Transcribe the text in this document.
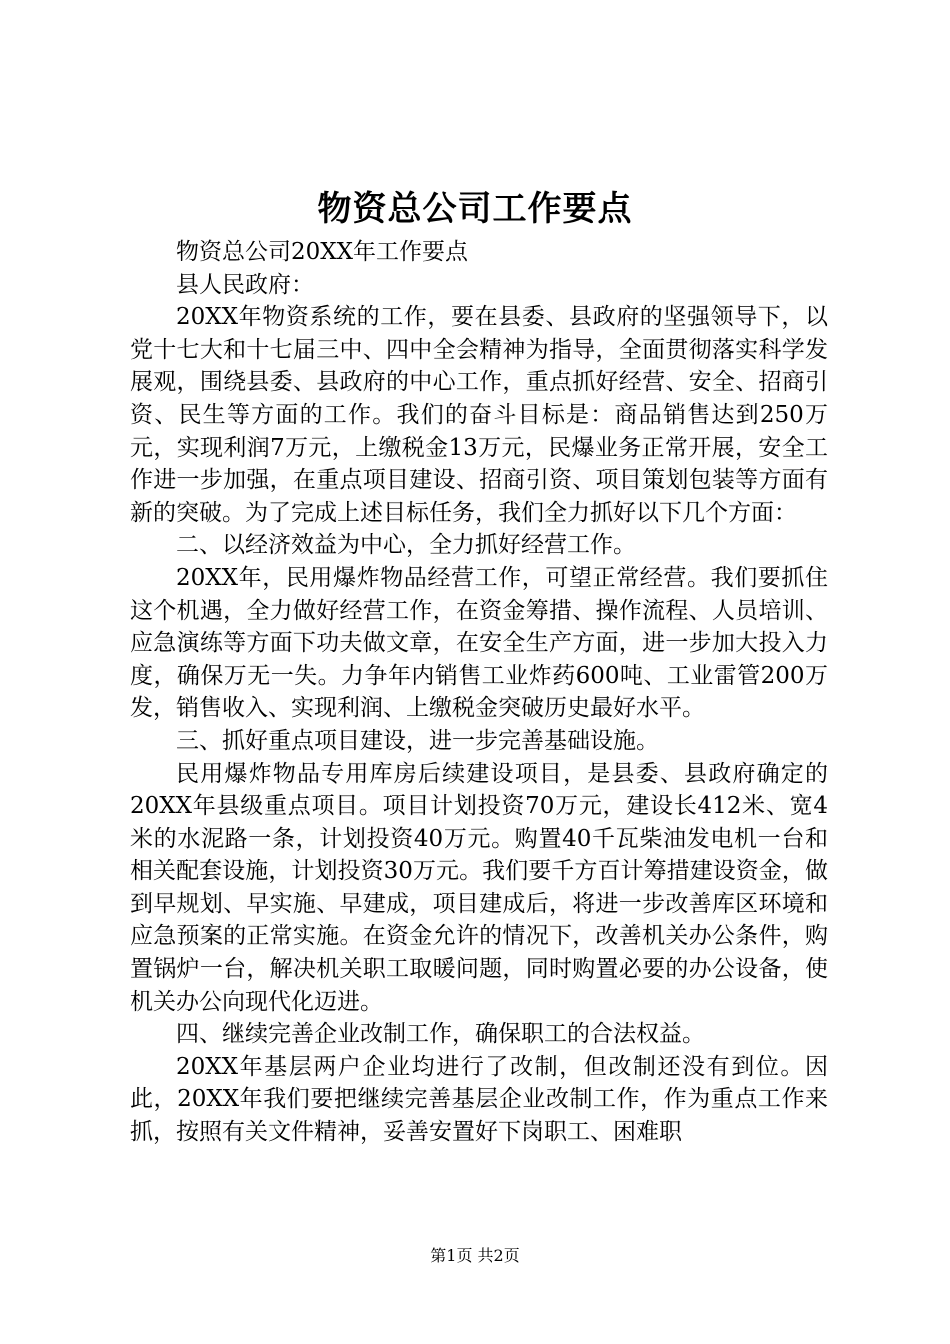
物资总公司工作要点

物资总公司20XX年工作要点

县人民政府：

20XX年物资系统的工作，要在县委、县政府的坚强领导下，以党十七大和十七届三中、四中全会精神为指导，全面贯彻落实科学发展观，围绕县委、县政府的中心工作，重点抓好经营、安全、招商引资、民生等方面的工作。我们的奋斗目标是：商品销售达到250万元，实现利润7万元，上缴税金13万元，民爆业务正常开展，安全工作进一步加强，在重点项目建设、招商引资、项目策划包装等方面有新的突破。为了完成上述目标任务，我们全力抓好以下几个方面：

二、以经济效益为中心，全力抓好经营工作。

20XX年，民用爆炸物品经营工作，可望正常经营。我们要抓住这个机遇，全力做好经营工作，在资金筹措、操作流程、人员培训、应急演练等方面下功夫做文章，在安全生产方面，进一步加大投入力度，确保万无一失。力争年内销售工业炸药600吨、工业雷管200万发，销售收入、实现利润、上缴税金突破历史最好水平。

三、抓好重点项目建设，进一步完善基础设施。

民用爆炸物品专用库房后续建设项目，是县委、县政府确定的20XX年县级重点项目。项目计划投资70万元，建设长412米、宽4米的水泥路一条，计划投资40万元。购置40千瓦柴油发电机一台和相关配套设施，计划投资30万元。我们要千方百计筹措建设资金，做到早规划、早实施、早建成，项目建成后，将进一步改善库区环境和应急预案的正常实施。在资金允许的情况下，改善机关办公条件，购置锅炉一台，解决机关职工取暖问题，同时购置必要的办公设备，使机关办公向现代化迈进。

四、继续完善企业改制工作，确保职工的合法权益。

20XX年基层两户企业均进行了改制，但改制还没有到位。因此，20XX年我们要把继续完善基层企业改制工作，作为重点工作来抓，按照有关文件精神，妥善安置好下岗职工、困难职

第1页 共2页
